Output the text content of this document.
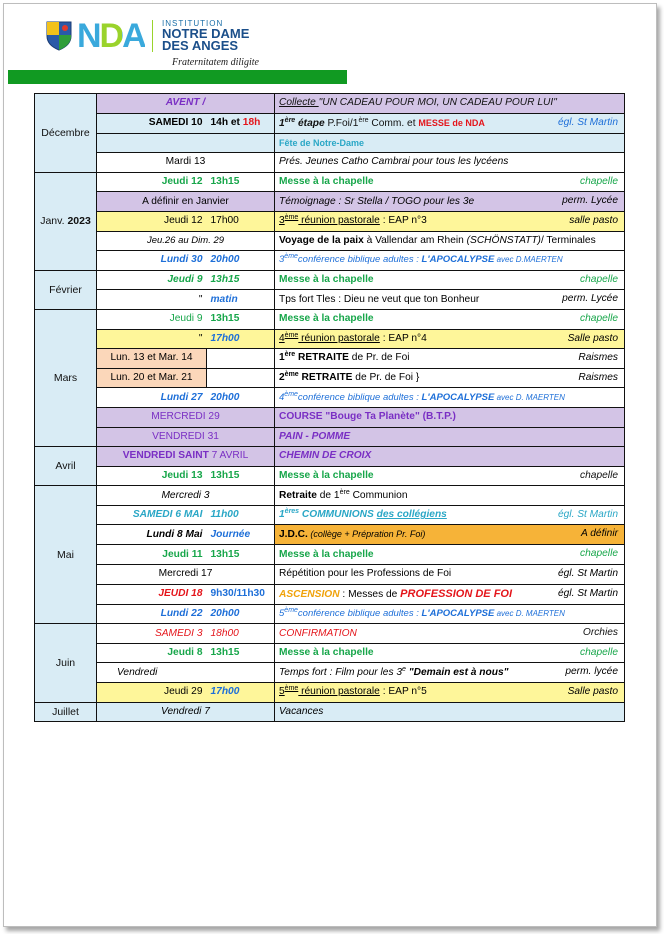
NDA INSTITUTION
NOTRE DAME
DES ANGES
Fraternitatem diligite
Décembre	AVENT /		Collecte "UN CADEAU POUR MOI, UN CADEAU POUR LUI"
	SAMEDI 10	14h et 18h	1ère étape P.Foi/1ère Comm. et MESSE de NDA égl. St Martin

			Fête de Notre-Dame
	Mardi 13		Prés. Jeunes Catho Cambrai pour tous les lycéens
Janv. 2023	Jeudi 12	13h15	Messe à la chapelle chapelle

	A définir en Janvier		Témoignage : Sr Stella / TOGO pour les 3e perm. Lycée

	Jeudi 12	17h00	3ème réunion pastorale : EAP n°3 salle pasto

	Jeu.26 au Dim. 29		Voyage de la paix à Vallendar am Rhein (SCHÖNSTATT)/ Terminales
	Lundi 30	20h00	3èmeconférence biblique adultes : L'APOCALYPSE avec D.MAERTEN
Février	Jeudi 9	13h15	Messe à la chapelle chapelle

	"	matin	Tps fort Tles : Dieu ne veut que ton Bonheur perm. Lycée

Mars	Jeudi 9	13h15	Messe à la chapelle chapelle

	"	17h00	4ème réunion pastorale : EAP n°4 Salle pasto

	Lun. 13 et Mar. 14		1ère RETRAITE de Pr. de Foi Raismes

	Lun. 20 et Mar. 21		2ème RETRAITE de Pr. de Foi } Raismes

	Lundi 27	20h00	4èmeconférence biblique adultes : L'APOCALYPSE avec D. MAERTEN
	MERCREDI 29		COURSE "Bouge Ta Planète" (B.T.P.)
	VENDREDI 31		PAIN - POMME
Avril	VENDREDI SAINT 7 AVRIL		CHEMIN DE CROIX
	Jeudi 13	13h15	Messe à la chapelle chapelle

Mai	Mercredi 3		Retraite de 1ère Communion
	SAMEDI 6 MAI	11h00	1ères COMMUNIONS des collégiens égl. St Martin

	Lundi 8 Mai	Journée	J.D.C. (collège + Prépration Pr. Foi) A définir

	Jeudi 11	13h15	Messe à la chapelle chapelle

	Mercredi 17		Répétition pour les Professions de Foi égl. St Martin

	JEUDI 18	9h30/11h30	ASCENSION : Messes de PROFESSION DE FOI égl. St Martin

	Lundi 22	20h00	5èmeconférence biblique adultes : L'APOCALYPSE avec D. MAERTEN
Juin	SAMEDI 3	18h00	CONFIRMATION Orchies

	Jeudi 8	13h15	Messe à la chapelle chapelle

	Vendredi		Temps fort : Film pour les 3e "Demain est à nous" perm. lycée

	Jeudi 29	17h00	5ème réunion pastorale : EAP n°5 Salle pasto

Juillet	Vendredi 7		Vacances
